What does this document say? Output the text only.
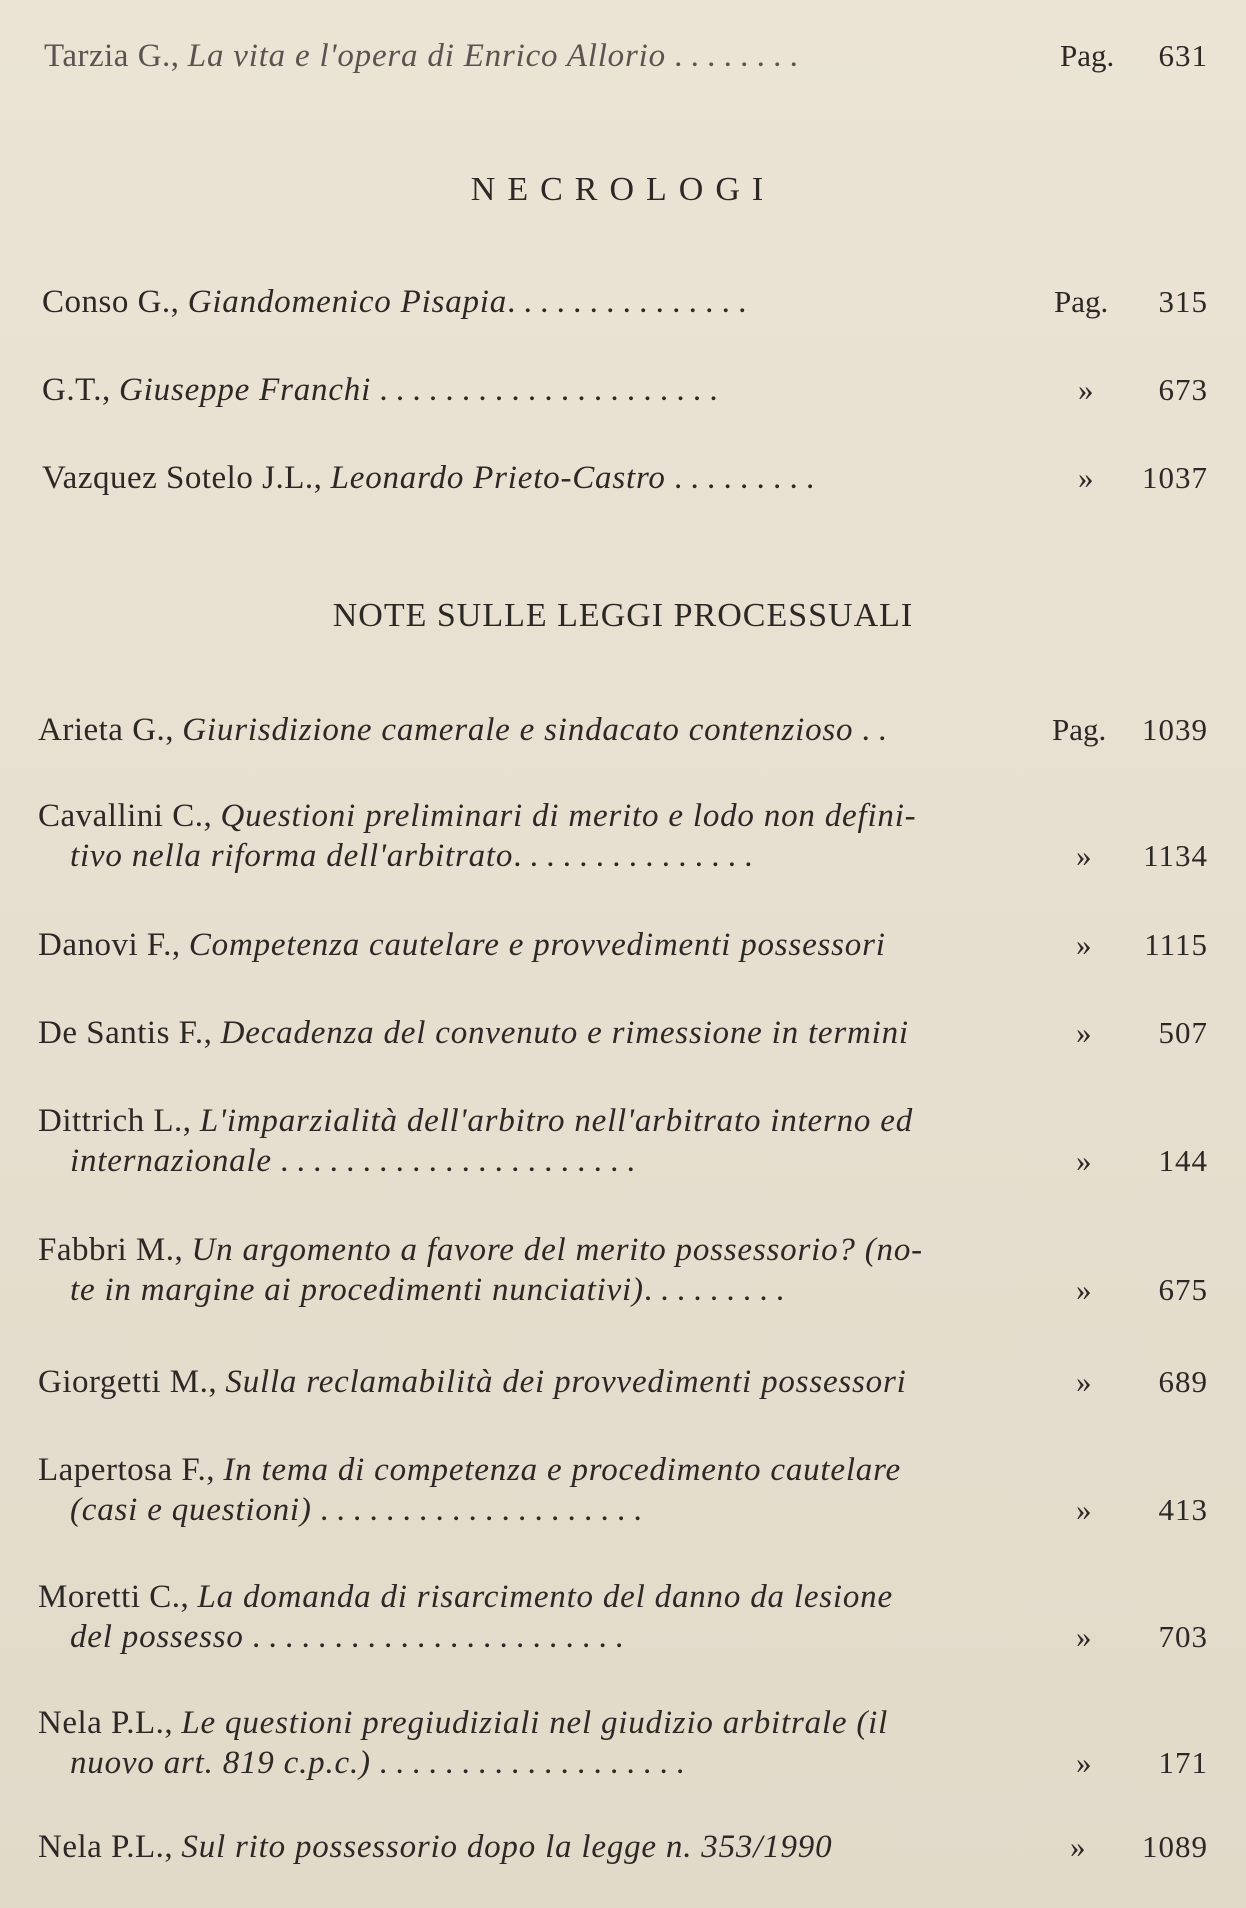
Tarzia G., La vita e l'opera di Enrico Allorio . . . . . . . .	Pag. 631
NECROLOGI
Conso G., Giandomenico Pisapia. . . . . . . . . . . . . . .	Pag. 315
G.T., Giuseppe Franchi . . . . . . . . . . . . . . . . . . . . .	» 673
Vazquez Sotelo J.L., Leonardo Prieto-Castro . . . . . . . . .	» 1037
NOTE SULLE LEGGI PROCESSUALI
Arieta G., Giurisdizione camerale e sindacato contenzioso . .	Pag. 1039
Cavallini C., Questioni preliminari di merito e lodo non defini-
tivo nella riforma dell'arbitrato. . . . . . . . . . . . . . .	» 1134
Danovi F., Competenza cautelare e provvedimenti possessori	» 1115
De Santis F., Decadenza del convenuto e rimessione in termini	» 507
Dittrich L., L'imparzialità dell'arbitro nell'arbitrato interno ed
internazionale . . . . . . . . . . . . . . . . . . . . . .	» 144
Fabbri M., Un argomento a favore del merito possessorio? (no-
te in margine ai procedimenti nunciativi). . . . . . . . .	» 675
Giorgetti M., Sulla reclamabilità dei provvedimenti possessori	» 689
Lapertosa F., In tema di competenza e procedimento cautelare
(casi e questioni) . . . . . . . . . . . . . . . . . . . .	» 413
Moretti C., La domanda di risarcimento del danno da lesione
del possesso . . . . . . . . . . . . . . . . . . . . . . .	» 703
Nela P.L., Le questioni pregiudiziali nel giudizio arbitrale (il
nuovo art. 819 c.p.c.) . . . . . . . . . . . . . . . . . . .	» 171
Nela P.L., Sul rito possessorio dopo la legge n. 353/1990	» 1089
